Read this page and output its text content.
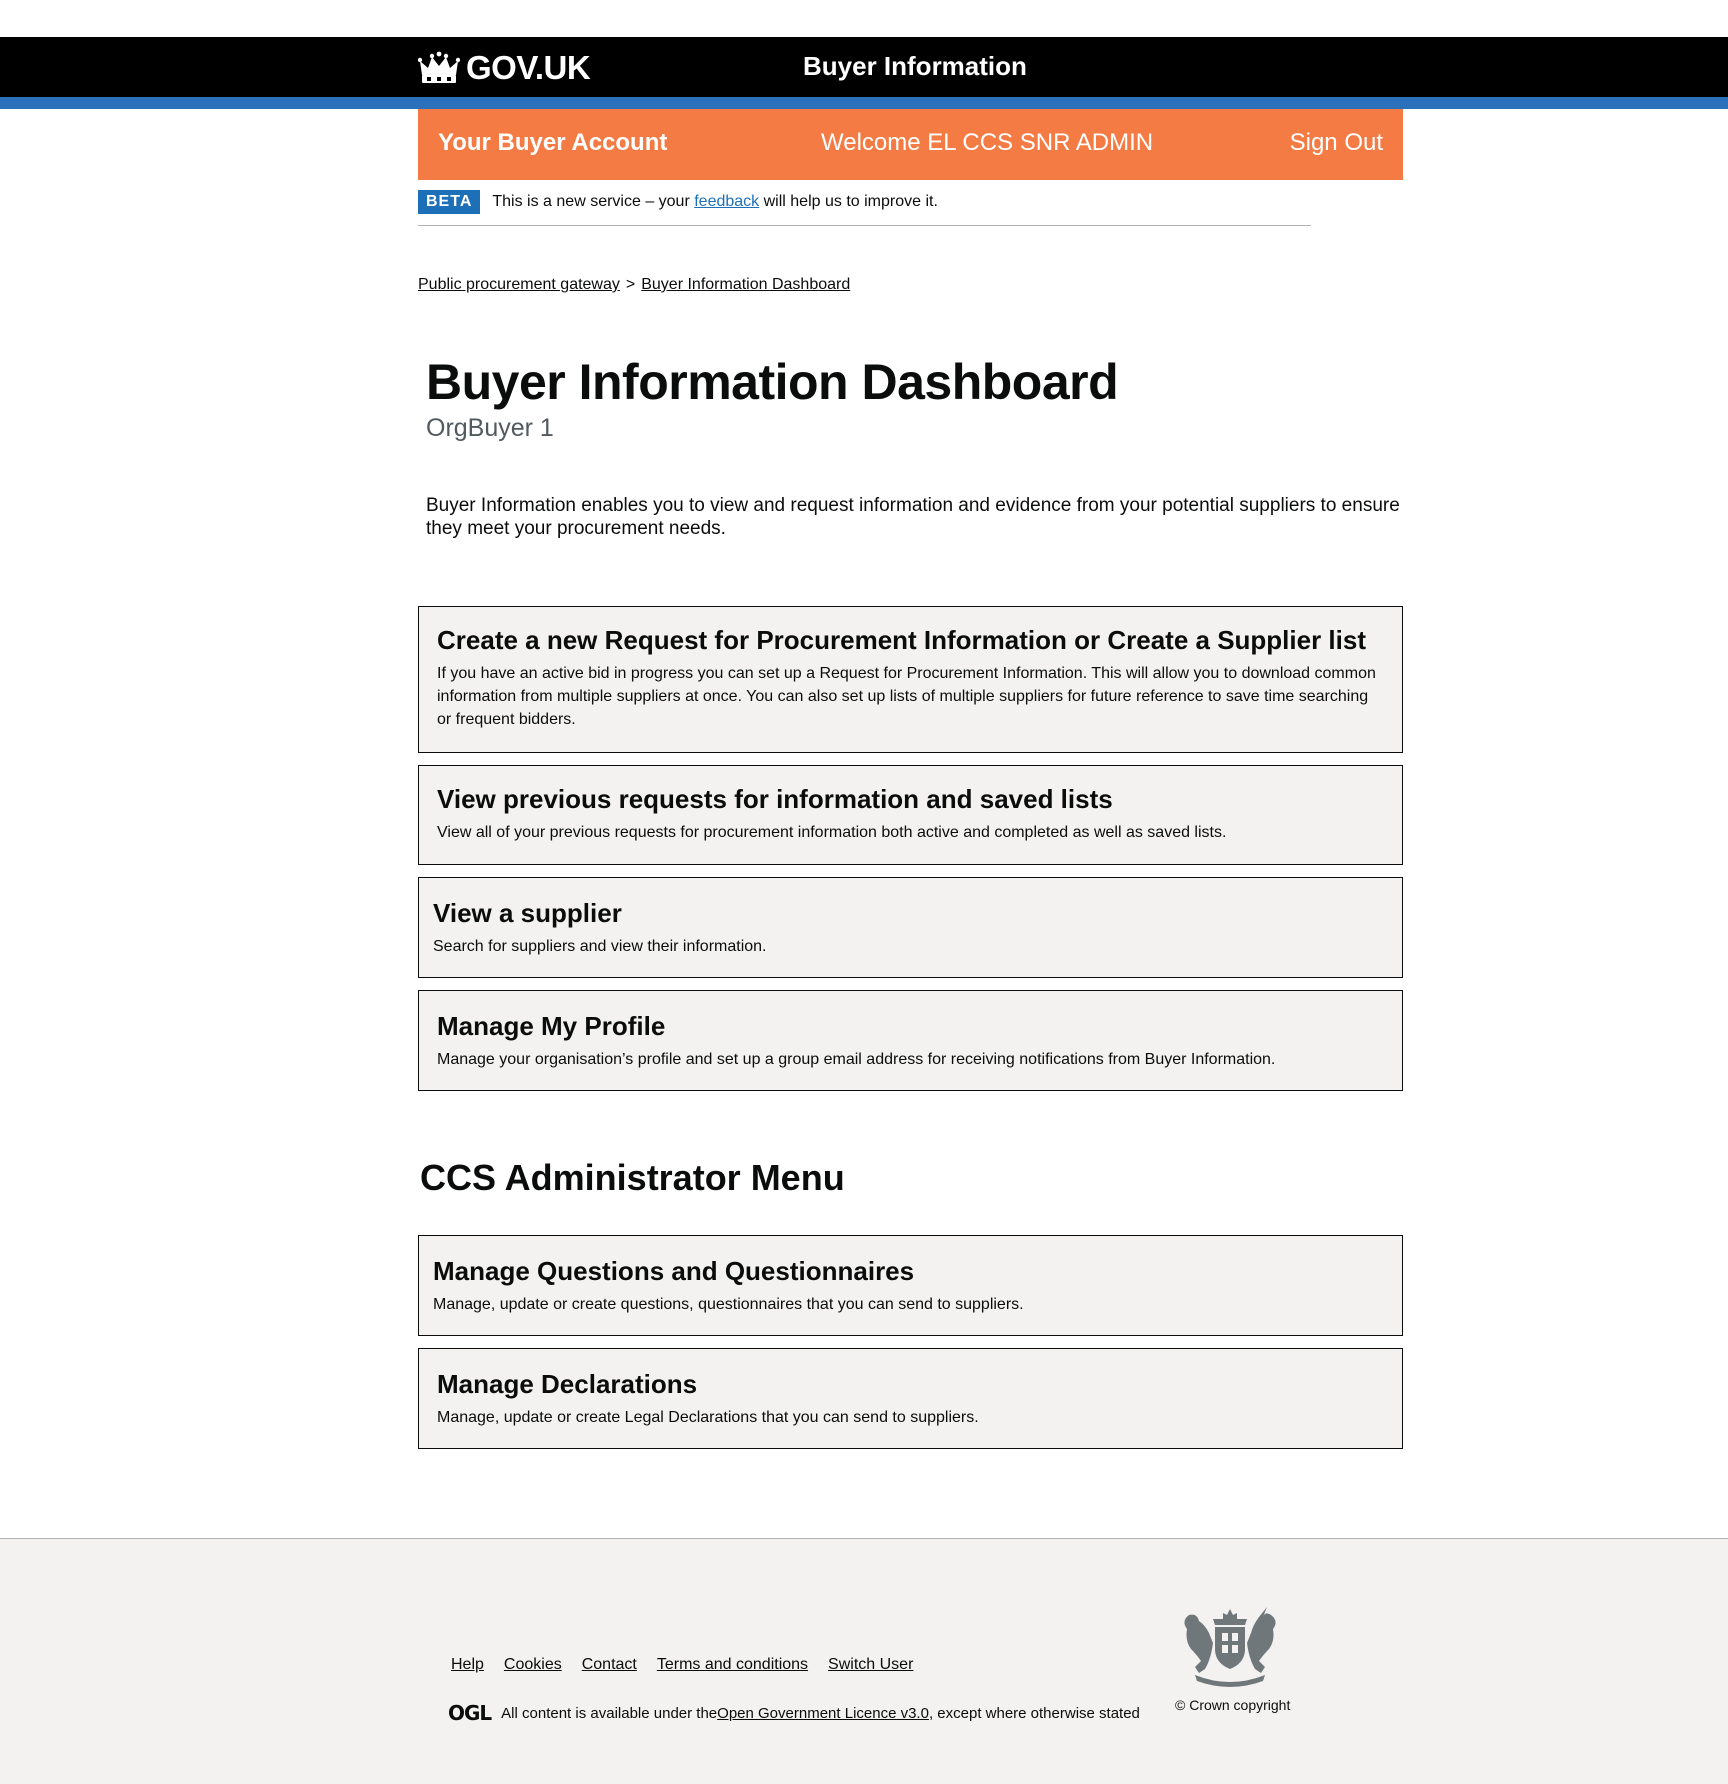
GOV.UK	Buyer Information
Your Buyer Account	Welcome EL CCS SNR ADMIN	Sign Out
BETA	This is a new service – your feedback will help us to improve it.
Public procurement gateway > Buyer Information Dashboard
Buyer Information Dashboard
OrgBuyer 1

Buyer Information enables you to view and request information and evidence from your potential suppliers to ensure they meet your procurement needs.

Create a new Request for Procurement Information or Create a Supplier list

If you have an active bid in progress you can set up a Request for Procurement Information. This will allow you to download common information from multiple suppliers at once. You can also set up lists of multiple suppliers for future reference to save time searching or frequent bidders.

View previous requests for information and saved lists

View all of your previous requests for procurement information both active and completed as well as saved lists.

View a supplier

Search for suppliers and view their information.

Manage My Profile

Manage your organisation’s profile and set up a group email address for receiving notifications from Buyer Information.

CCS Administrator Menu
Manage Questions and Questionnaires

Manage, update or create questions, questionnaires that you can send to suppliers.

Manage Declarations

Manage, update or create Legal Declarations that you can send to suppliers.

Help Cookies Contact Terms and conditions Switch User
OGL All content is available under the Open Government Licence v3.0 , except where otherwise stated	© Crown copyright
